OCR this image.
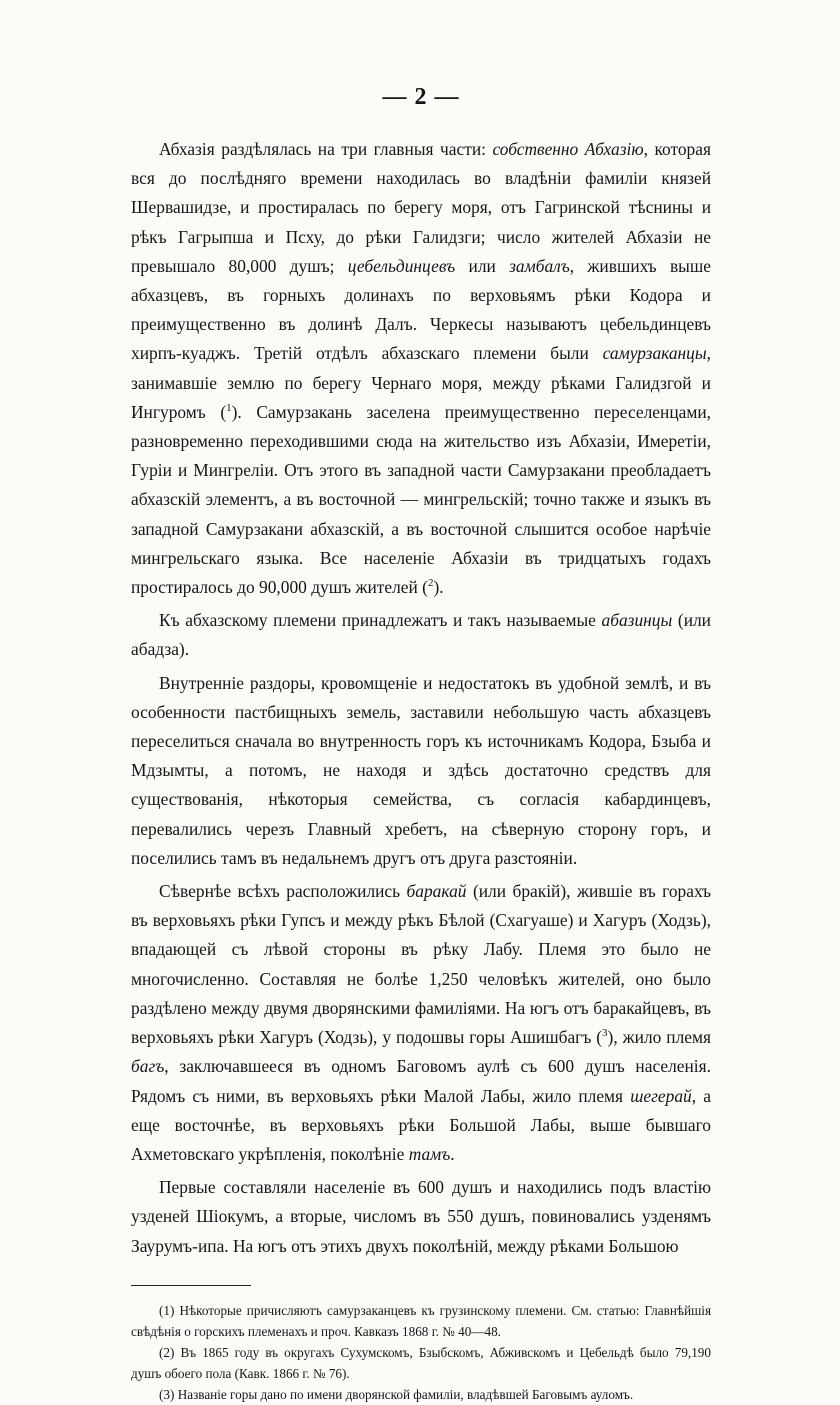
— 2 —

Абхазія раздѣлялась на три главныя части: собственно Абхазію, которая вся до послѣдняго времени находилась во владѣніи фамиліи князей Шервашидзе, и простиралась по берегу моря, отъ Гагринской тѣснины и рѣкъ Гагрыпша и Псху, до рѣки Галидзги; число жителей Абхазіи не превышало 80,000 душъ; цебельдинцевъ или замбалъ, жившихъ выше абхазцевъ, въ горныхъ долинахъ по верховьямъ рѣки Кодора и преимущественно въ долинѣ Далъ. Черкесы называютъ цебельдинцевъ хирпъ-куаджъ. Третій отдѣлъ абхазскаго племени были самурзаканцы, занимавшіе землю по берегу Чернаго моря, между рѣками Галидзгой и Ингуромъ ($^1$). Самурзакань заселена преимущественно переселенцами, разновременно переходившими сюда на жительство изъ Абхазіи, Имеретіи, Гуріи и Мингреліи. Отъ этого въ западной части Самурзакани преобладаетъ абхазскій элементъ, а въ восточной — мингрельскій; точно также и языкъ въ западной Самурзакани абхазскій, а въ восточной слышится особое нарѣчіе мингрельскаго языка. Все населеніе Абхазіи въ тридцатыхъ годахъ простиралось до 90,000 душъ жителей ($^2$).

Къ абхазскому племени принадлежатъ и такъ называемые абазинцы (или абадза).

Внутренніе раздоры, кровомщеніе и недостатокъ въ удобной землѣ, и въ особенности пастбищныхъ земель, заставили небольшую часть абхазцевъ переселиться сначала во внутренность горъ къ источникамъ Кодора, Бзыба и Мдзымты, а потомъ, не находя и здѣсь достаточно средствъ для существованія, нѣкоторыя семейства, съ согласія кабардинцевъ, перевалились черезъ Главный хребетъ, на сѣверную сторону горъ, и поселились тамъ въ недальнемъ другъ отъ друга разстояніи.

Сѣвернѣе всѣхъ расположились баракай (или бракій), жившіе въ горахъ въ верховьяхъ рѣки Гупсъ и между рѣкъ Бѣлой (Схагуаше) и Хагуръ (Ходзь), впадающей съ лѣвой стороны въ рѣку Лабу. Племя это было не многочисленно. Составляя не болѣе 1,250 человѣкъ жителей, оно было раздѣлено между двумя дворянскими фамиліями. На югъ отъ баракайцевъ, въ верховьяхъ рѣки Хагуръ (Ходзь), у подошвы горы Ашишбагъ ($^3$), жило племя багъ, заключавшееся въ одномъ Баговомъ аулѣ съ 600 душъ населенія. Рядомъ съ ними, въ верховьяхъ рѣки Малой Лабы, жило племя шегерай, а еще восточнѣе, въ верховьяхъ рѣки Большой Лабы, выше бывшаго Ахметовскаго укрѣпленія, поколѣніе тамъ.

Первые составляли населеніе въ 600 душъ и находились подъ властію узденей Шіокумъ, а вторые, числомъ въ 550 душъ, повиновались узденямъ Заурумъ-ипа. На югъ отъ этихъ двухъ поколѣній, между рѣками Большою

(1) Нѣкоторые причисляютъ самурзаканцевъ къ грузинскому племени. См. статью: Главнѣйшія свѣдѣнія о горскихъ племенахъ и проч. Кавказъ 1868 г. № 40—48.

(2) Въ 1865 году въ округахъ Сухумскомъ, Бзыбскомъ, Абживскомъ и Цебельдѣ было 79,190 душъ обоего пола (Кавк. 1866 г. № 76).

(3) Названіе горы дано по имени дворянской фамиліи, владѣвшей Баговымъ ауломъ.
